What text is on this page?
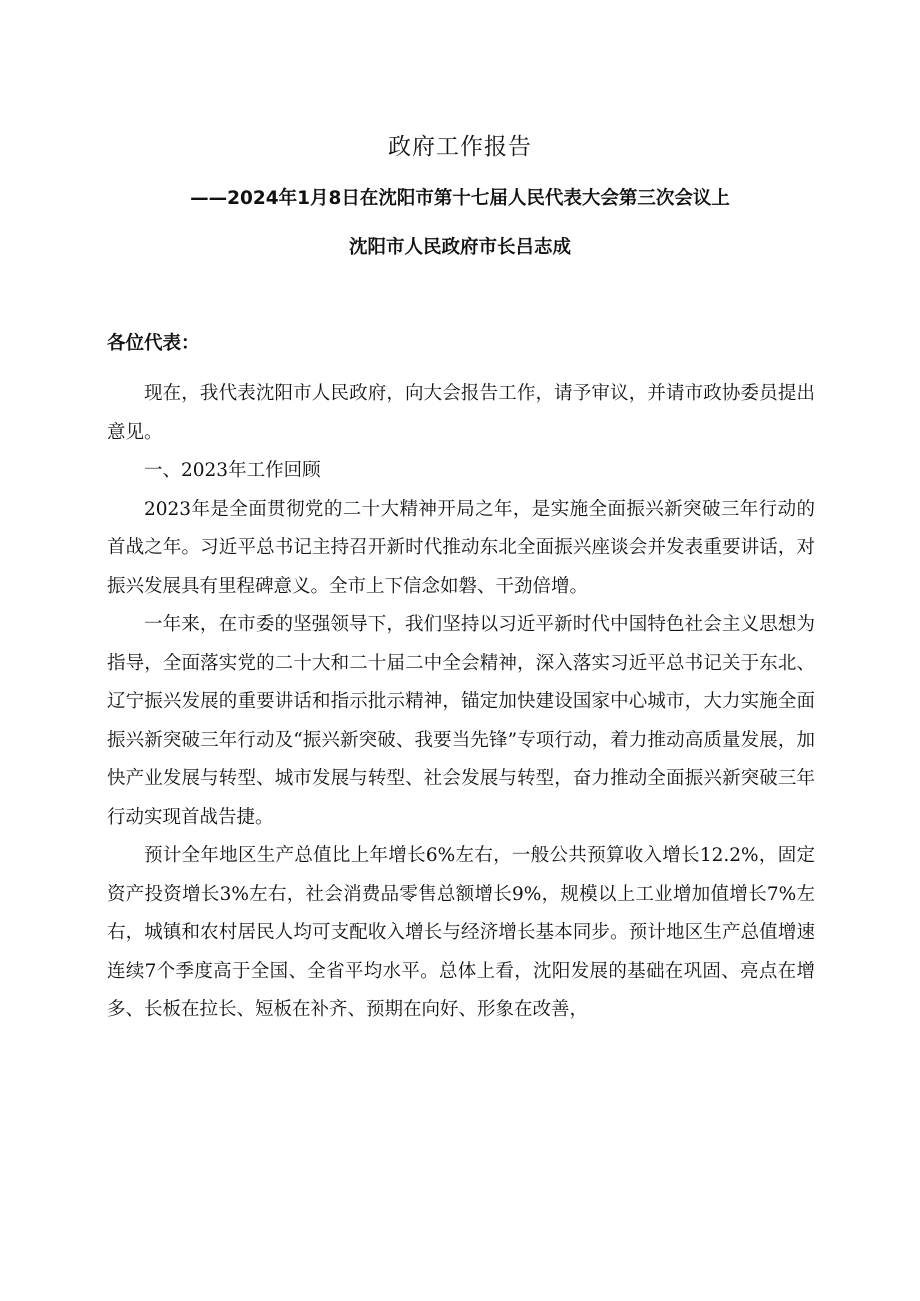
政府工作报告
——2024年1月8日在沈阳市第十七届人民代表大会第三次会议上
沈阳市人民政府市长吕志成

各位代表：

现在，我代表沈阳市人民政府，向大会报告工作，请予审议，并请市政协委员提出意见。

一、2023年工作回顾

2023年是全面贯彻党的二十大精神开局之年，是实施全面振兴新突破三年行动的首战之年。习近平总书记主持召开新时代推动东北全面振兴座谈会并发表重要讲话，对振兴发展具有里程碑意义。全市上下信念如磐、干劲倍增。

一年来，在市委的坚强领导下，我们坚持以习近平新时代中国特色社会主义思想为指导，全面落实党的二十大和二十届二中全会精神，深入落实习近平总书记关于东北、辽宁振兴发展的重要讲话和指示批示精神，锚定加快建设国家中心城市，大力实施全面振兴新突破三年行动及“振兴新突破、我要当先锋”专项行动，着力推动高质量发展，加快产业发展与转型、城市发展与转型、社会发展与转型，奋力推动全面振兴新突破三年行动实现首战告捷。

预计全年地区生产总值比上年增长6%左右，一般公共预算收入增长12.2%，固定资产投资增长3%左右，社会消费品零售总额增长9%，规模以上工业增加值增长7%左右，城镇和农村居民人均可支配收入增长与经济增长基本同步。预计地区生产总值增速连续7个季度高于全国、全省平均水平。总体上看，沈阳发展的基础在巩固、亮点在增多、长板在拉长、短板在补齐、预期在向好、形象在改善，
